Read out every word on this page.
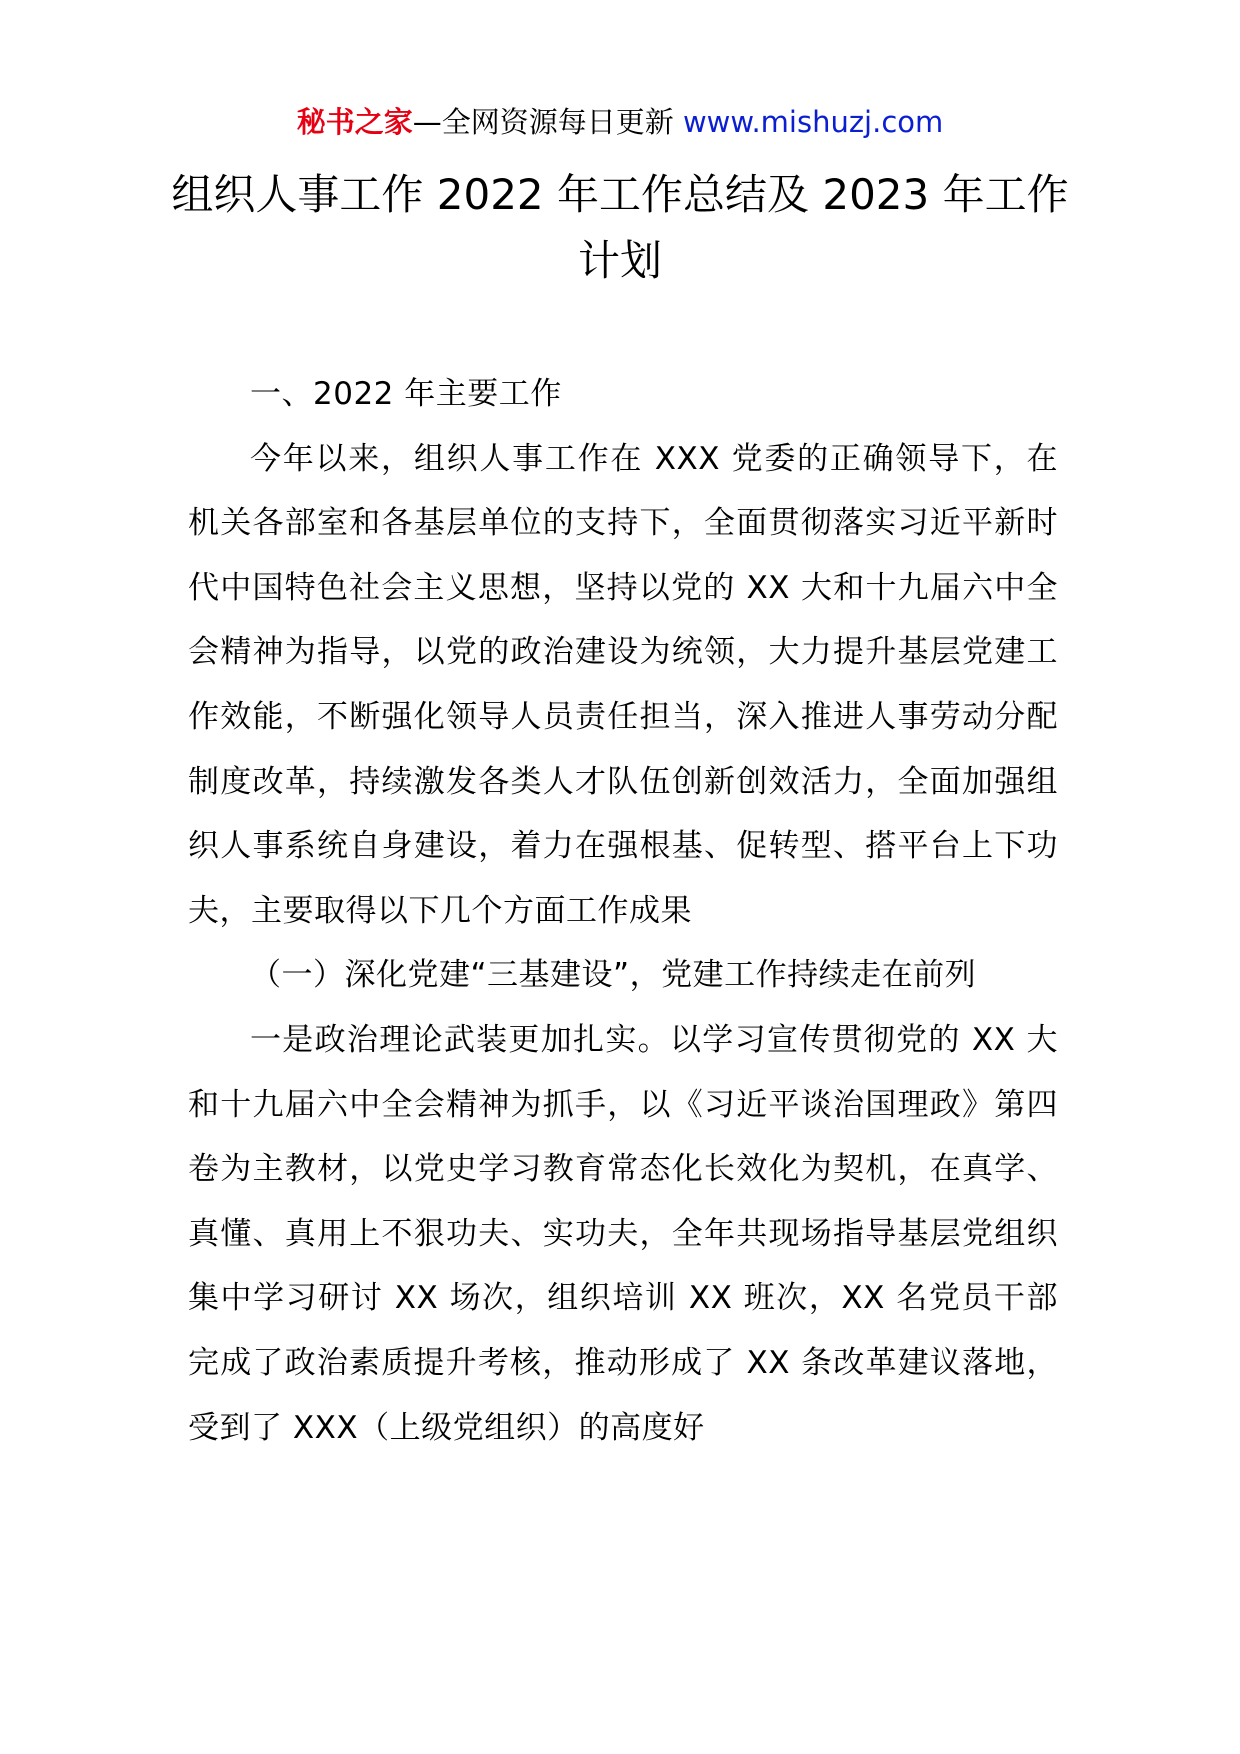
秘书之家—全网资源每日更新 www.mishuzj.com
组织人事工作 2022 年工作总结及 2023 年工作计划

一、2022 年主要工作

今年以来，组织人事工作在 XXX 党委的正确领导下，在机关各部室和各基层单位的支持下，全面贯彻落实习近平新时代中国特色社会主义思想，坚持以党的 XX 大和十九届六中全会精神为指导，以党的政治建设为统领，大力提升基层党建工作效能，不断强化领导人员责任担当，深入推进人事劳动分配制度改革，持续激发各类人才队伍创新创效活力，全面加强组织人事系统自身建设，着力在强根基、促转型、搭平台上下功夫，主要取得以下几个方面工作成果

（一）深化党建“三基建设”，党建工作持续走在前列

一是政治理论武装更加扎实。以学习宣传贯彻党的 XX 大和十九届六中全会精神为抓手，以《习近平谈治国理政》第四卷为主教材，以党史学习教育常态化长效化为契机，在真学、真懂、真用上不狠功夫、实功夫，全年共现场指导基层党组织集中学习研讨 XX 场次，组织培训 XX 班次，XX 名党员干部完成了政治素质提升考核，推动形成了 XX 条改革建议落地，受到了 XXX（上级党组织）的高度好
